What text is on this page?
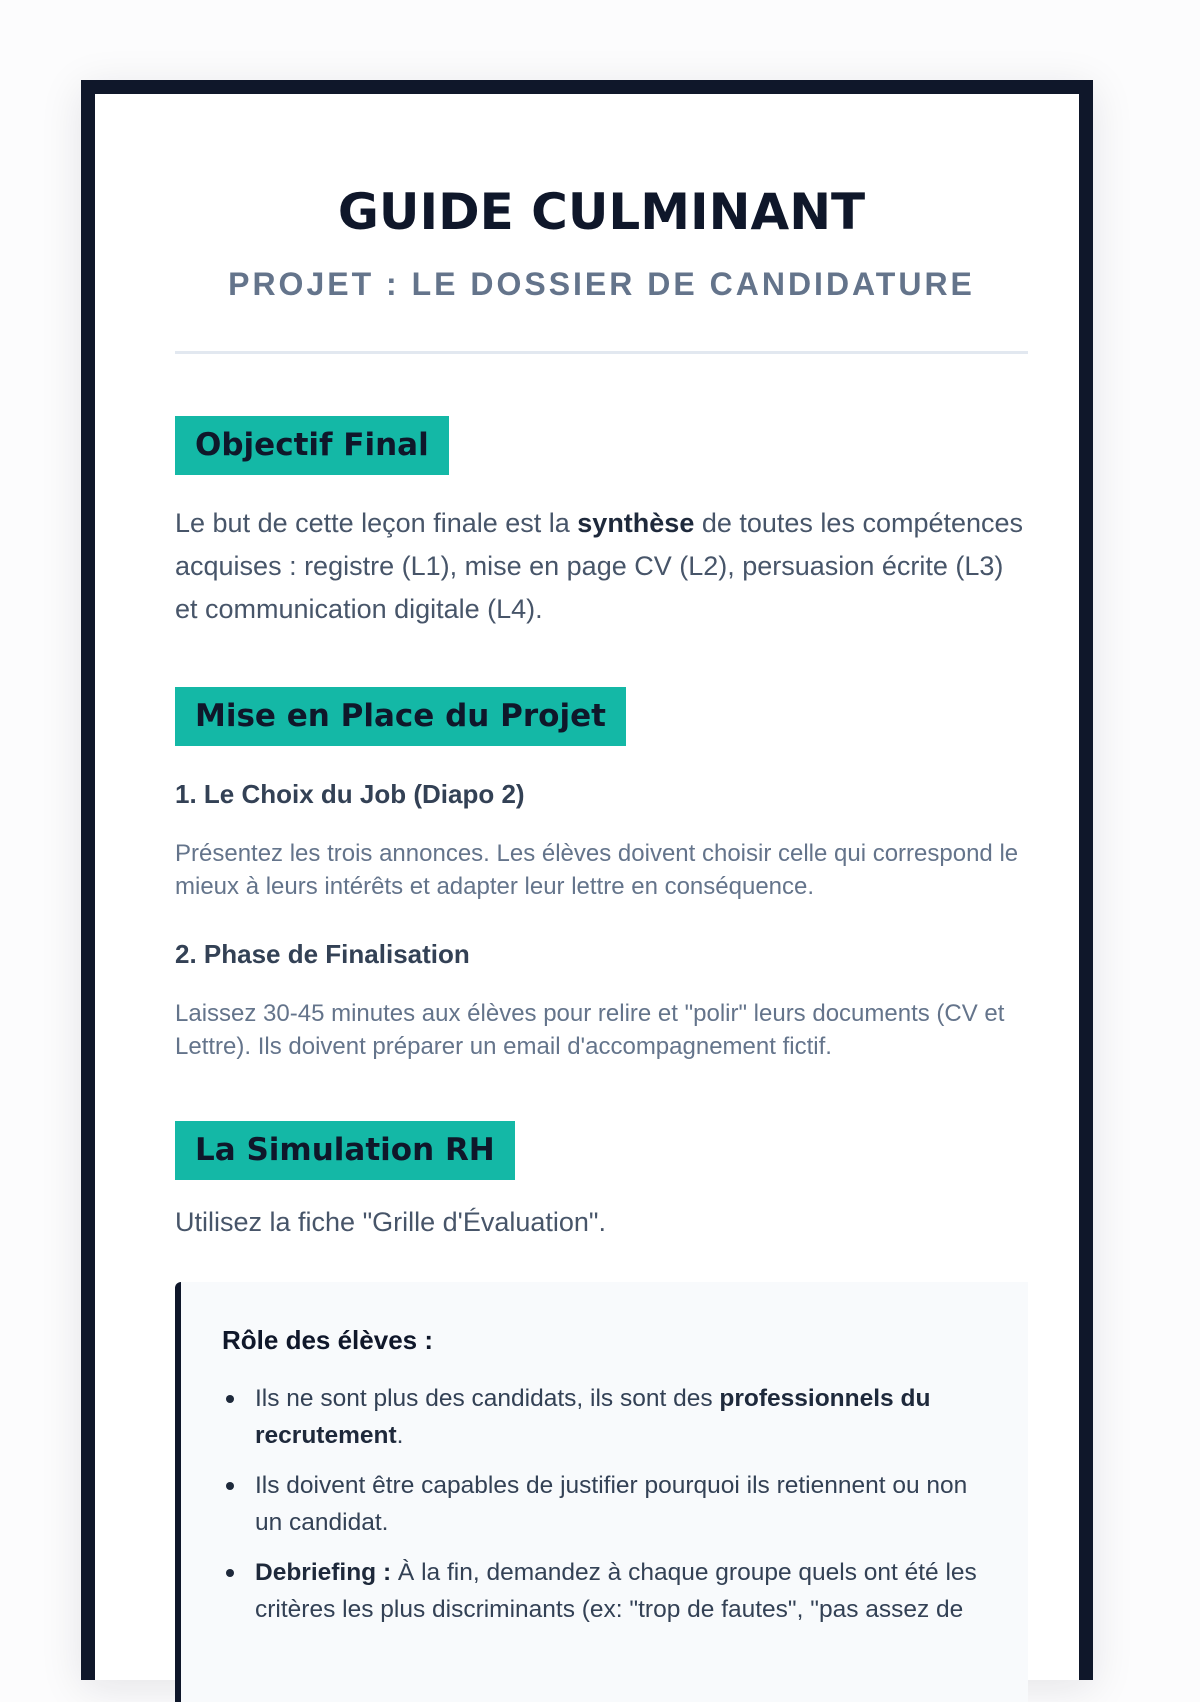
GUIDE CULMINANT
PROJET : LE DOSSIER DE CANDIDATURE
Objectif Final

Le but de cette leçon finale est la synthèse de toutes les compétences acquises : registre (L1), mise en page CV (L2), persuasion écrite (L3) et communication digitale (L4).

Mise en Place du Projet
1. Le Choix du Job (Diapo 2)

Présentez les trois annonces. Les élèves doivent choisir celle qui correspond le mieux à leurs intérêts et adapter leur lettre en conséquence.

2. Phase de Finalisation

Laissez 30-45 minutes aux élèves pour relire et "polir" leurs documents (CV et Lettre). Ils doivent préparer un email d'accompagnement fictif.

La Simulation RH

Utilisez la fiche "Grille d'Évaluation".

Rôle des élèves :
Ils ne sont plus des candidats, ils sont des professionnels du recrutement.
Ils doivent être capables de justifier pourquoi ils retiennent ou non un candidat.
Debriefing : À la fin, demandez à chaque groupe quels ont été les critères les plus discriminants (ex: "trop de fautes", "pas assez de
